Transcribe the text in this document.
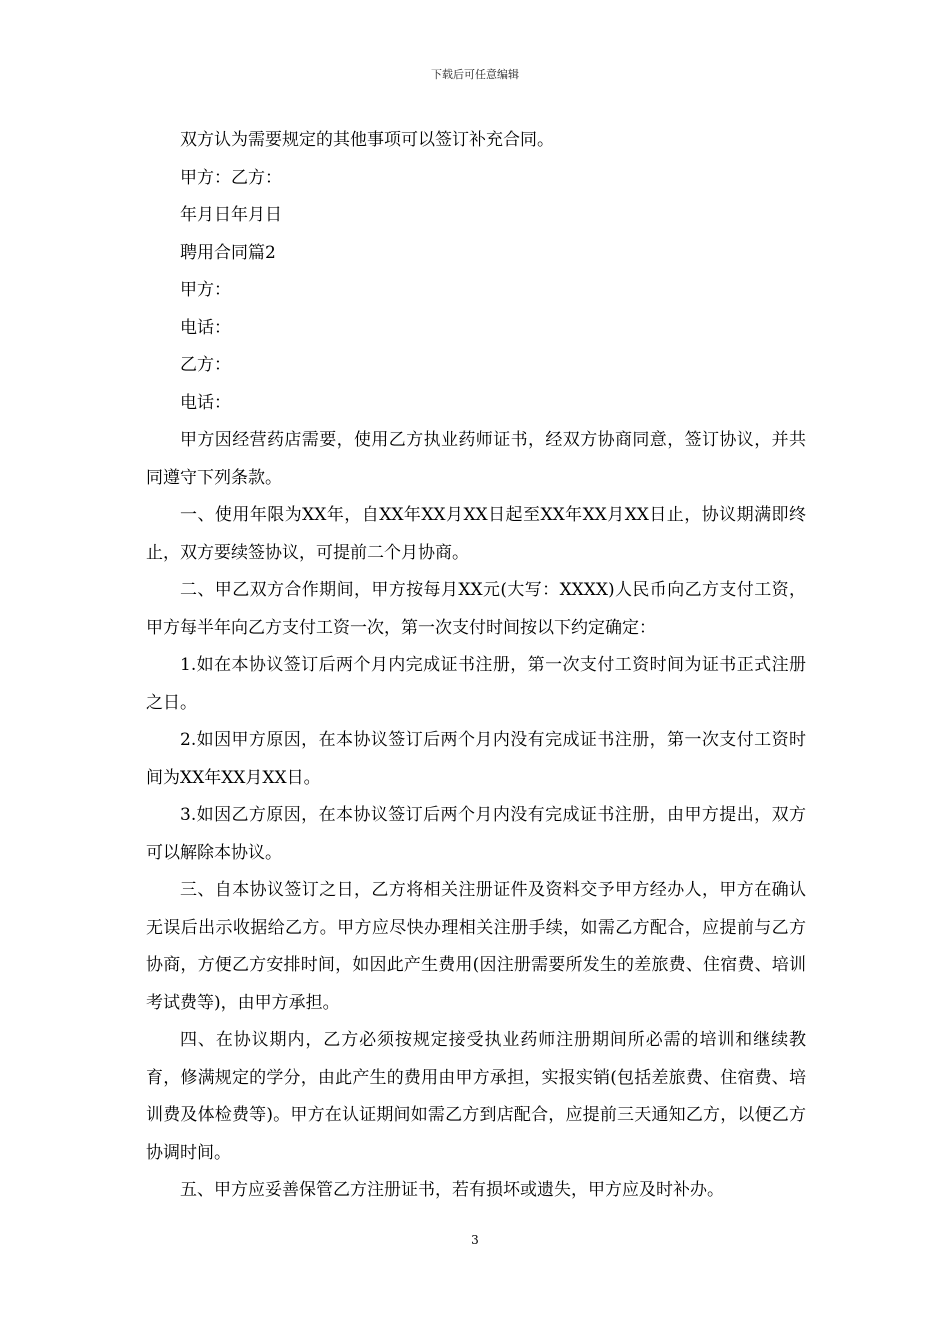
下载后可任意编辑

双方认为需要规定的其他事项可以签订补充合同。

甲方：乙方：

年月日年月日

聘用合同篇2

甲方：

电话：

乙方：

电话：

甲方因经营药店需要，使用乙方执业药师证书，经双方协商同意，签订协议，并共同遵守下列条款。

一、使用年限为XX年，自XX年XX月XX日起至XX年XX月XX日止，协议期满即终止，双方要续签协议，可提前二个月协商。

二、甲乙双方合作期间，甲方按每月XX元(大写：XXXX)人民币向乙方支付工资，甲方每半年向乙方支付工资一次，第一次支付时间按以下约定确定：

1.如在本协议签订后两个月内完成证书注册，第一次支付工资时间为证书正式注册之日。

2.如因甲方原因，在本协议签订后两个月内没有完成证书注册，第一次支付工资时间为XX年XX月XX日。

3.如因乙方原因，在本协议签订后两个月内没有完成证书注册，由甲方提出，双方可以解除本协议。

三、自本协议签订之日，乙方将相关注册证件及资料交予甲方经办人，甲方在确认无误后出示收据给乙方。甲方应尽快办理相关注册手续，如需乙方配合，应提前与乙方协商，方便乙方安排时间，如因此产生费用(因注册需要所发生的差旅费、住宿费、培训考试费等)，由甲方承担。

四、在协议期内，乙方必须按规定接受执业药师注册期间所必需的培训和继续教育，修满规定的学分，由此产生的费用由甲方承担，实报实销(包括差旅费、住宿费、培训费及体检费等)。甲方在认证期间如需乙方到店配合，应提前三天通知乙方，以便乙方协调时间。

五、甲方应妥善保管乙方注册证书，若有损坏或遗失，甲方应及时补办。

3
